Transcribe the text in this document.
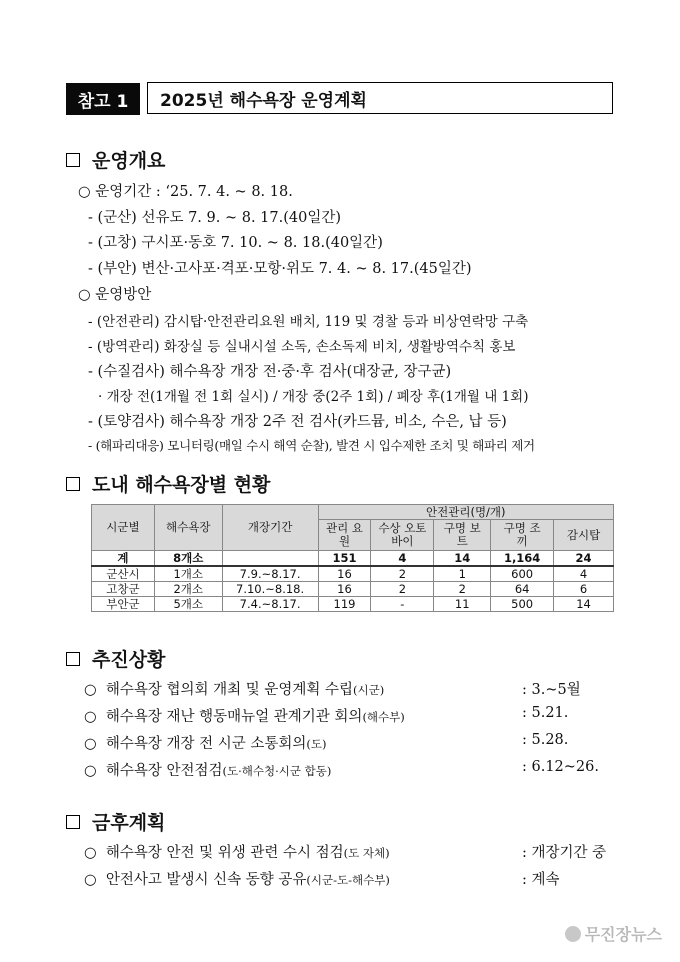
참고 1	2025년 해수욕장 운영계획
운영개요
○ 운영기간 : ‘25. 7. 4. ~ 8. 18.
- (군산) 선유도 7. 9. ~ 8. 17.(40일간)
- (고창) 구시포·동호 7. 10. ~ 8. 18.(40일간)
- (부안) 변산·고사포·격포·모항·위도 7. 4. ~ 8. 17.(45일간)
○ 운영방안
- (안전관리) 감시탑·안전관리요원 배치, 119 및 경찰 등과 비상연락망 구축
- (방역관리) 화장실 등 실내시설 소독, 손소독제 비치, 생활방역수칙 홍보
- (수질검사) 해수욕장 개장 전·중·후 검사(대장균, 장구균)
· 개장 전(1개월 전 1회 실시) / 개장 중(2주 1회) / 폐장 후(1개월 내 1회)
- (토양검사) 해수욕장 개장 2주 전 검사(카드뮴, 비소, 수은, 납 등)
- (해파리대응) 모니터링(매일 수시 해역 순찰), 발견 시 입수제한 조치 및 해파리 제거
도내 해수욕장별 현황
시군별	해수욕장	개장기간	안전관리(명/개)				
			관리 요원	수상 오토바이	구명 보트	구명 조끼	감시탑

계	8개소		151	4	14	1,164	24
군산시	1개소	7.9.~8.17.	16	2	1	600	4
고창군	2개소	7.10.~8.18.	16	2	2	64	6
부안군	5개소	7.4.~8.17.	119	-	11	500	14
추진상황
○  해수욕장 협의회 개최 및 운영계획 수립(시군)	: 3.~5월
○  해수욕장 재난 행동매뉴얼 관계기관 회의(해수부)	: 5.21.
○  해수욕장 개장 전 시군 소통회의(도)	: 5.28.
○  해수욕장 안전점검(도·해수청·시군 합동)	: 6.12~26.
금후계획
○  해수욕장 안전 및 위생 관련 수시 점검(도 자체)	: 개장기간 중
○  안전사고 발생시 신속 동향 공유(시군-도-해수부)	: 계속
무진장뉴스
